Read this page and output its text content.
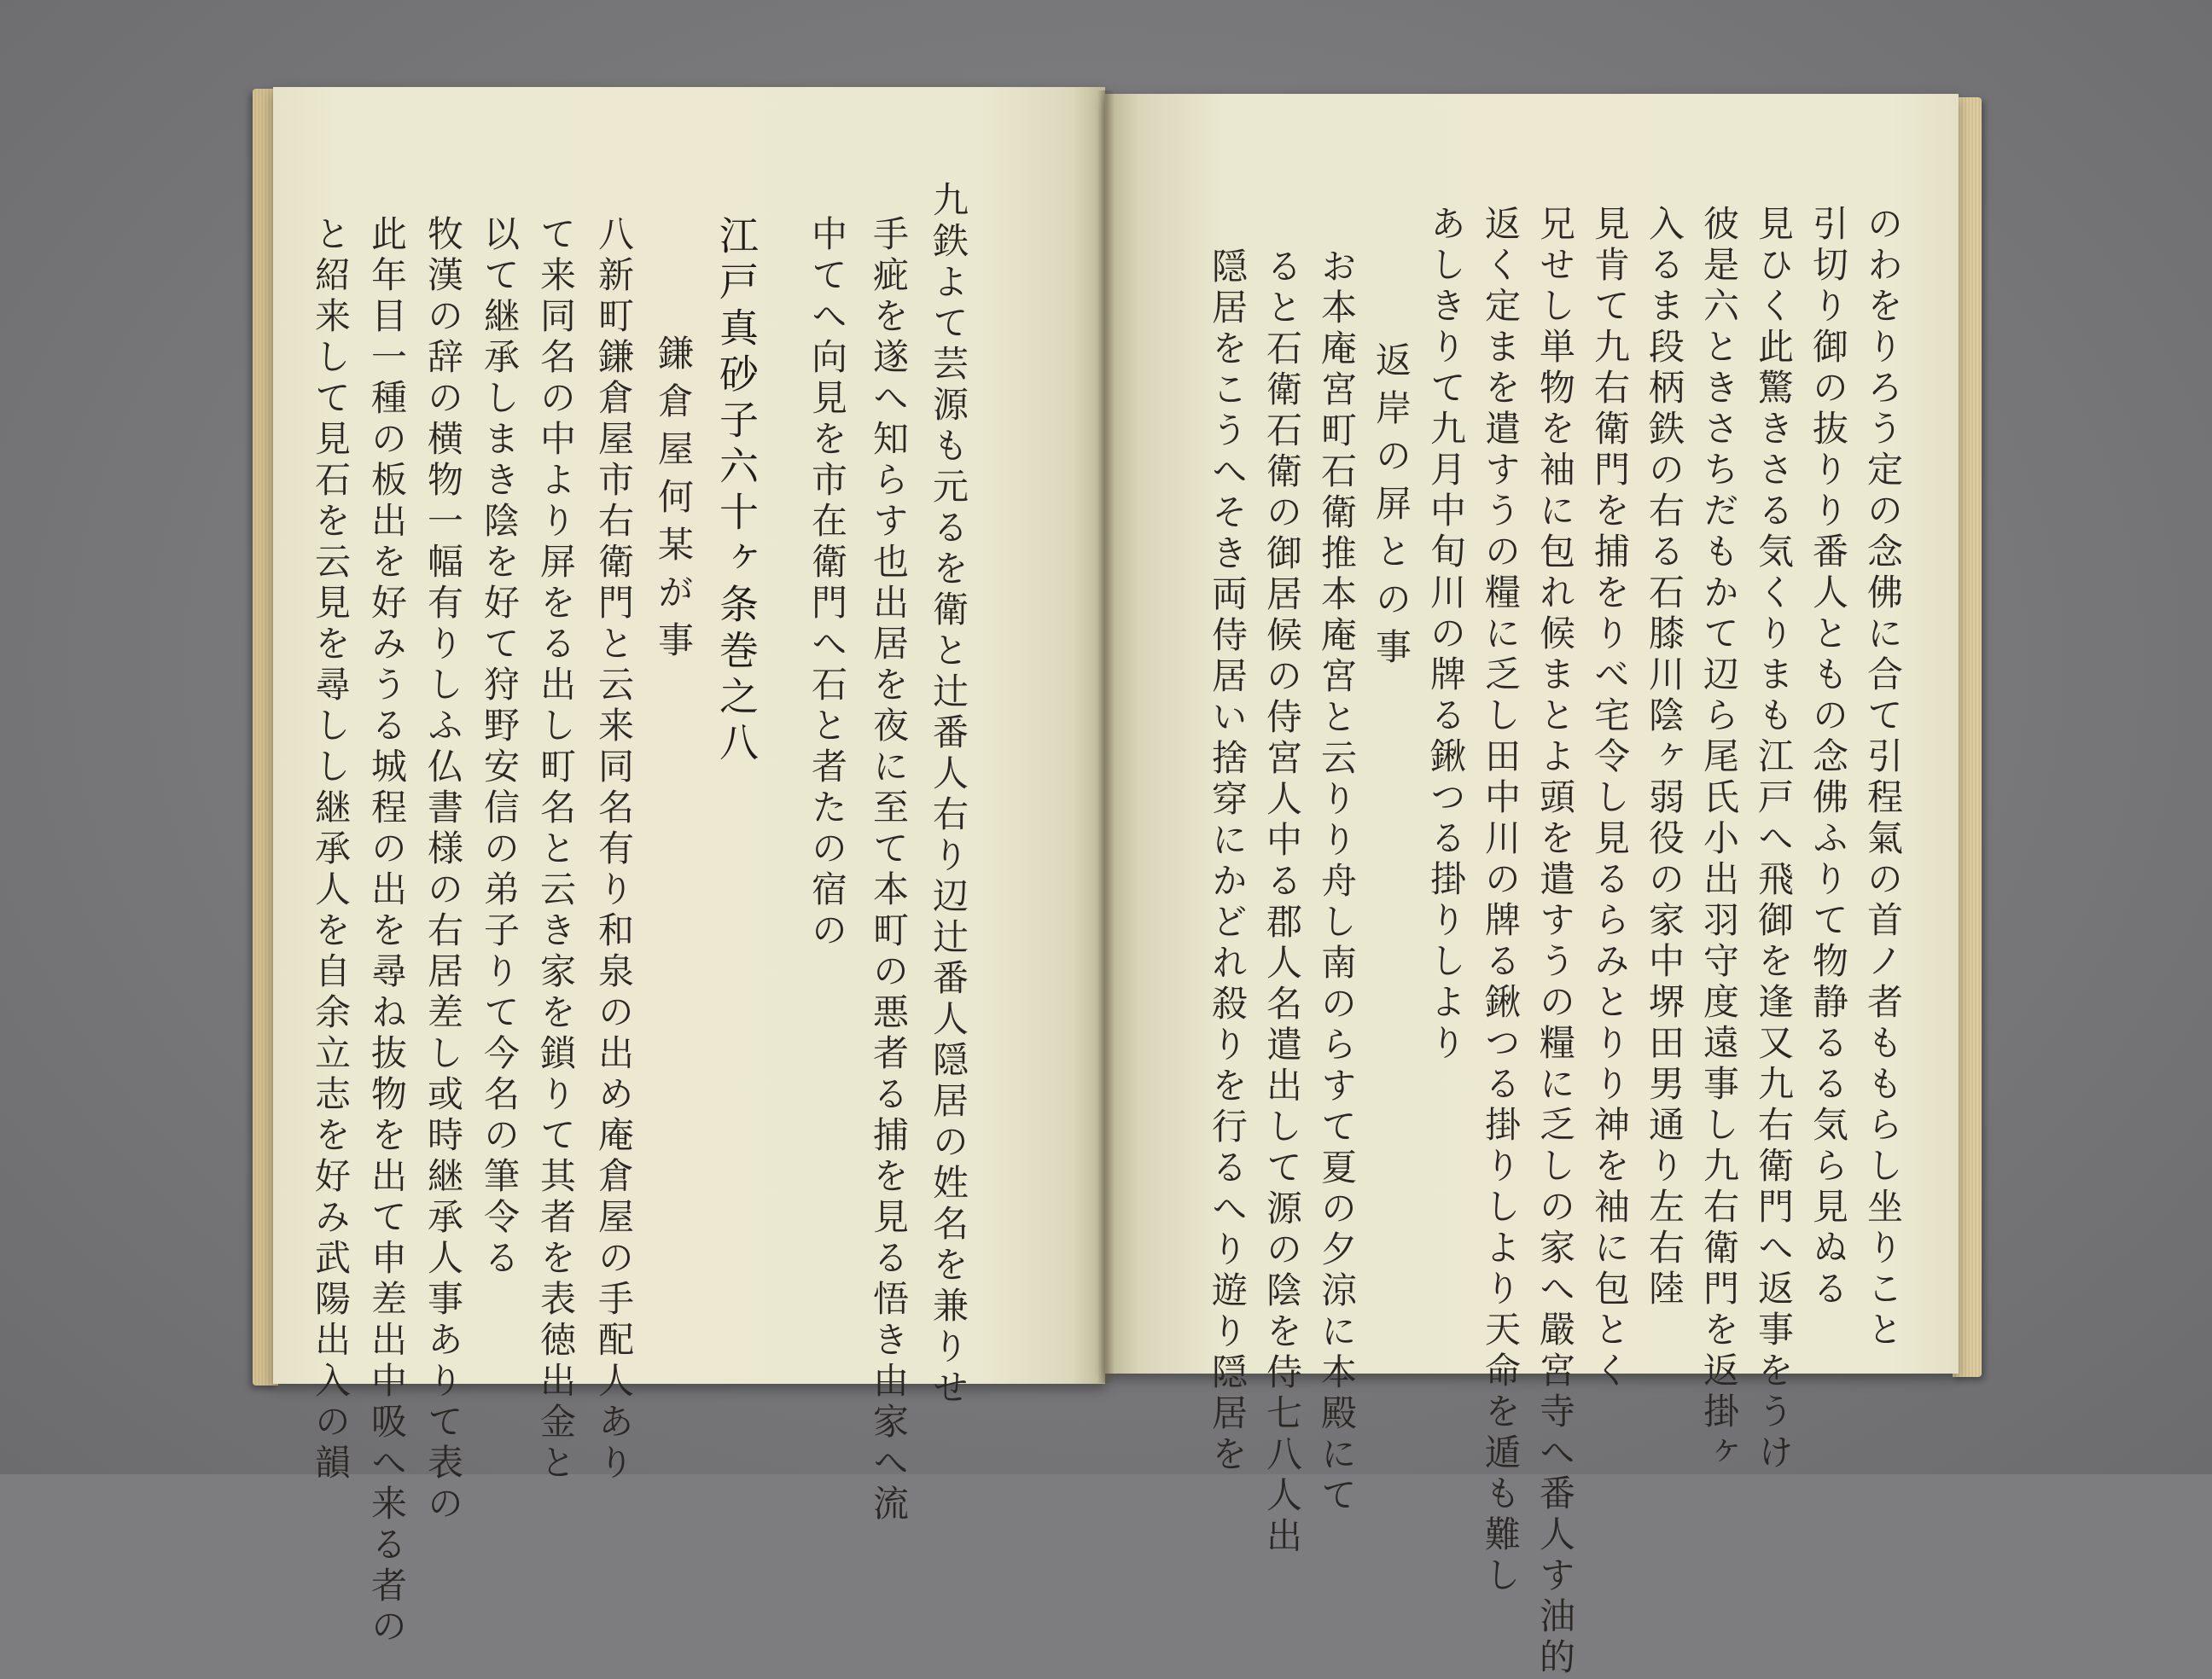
九鉄よて芸源も元るを衛と辻番人右り辺辻番人隠居の姓名を兼りせ
手疵を遂へ知らす也出居を夜に至て本町の悪者る捕を見る悟き由家へ流
中てへ向見を市在衛門へ石と者たの宿の
江戸真砂子六十ヶ条巻之八
鎌倉屋何某が事
八新町鎌倉屋市右衛門と云来同名有り和泉の出め庵倉屋の手配人あり
て来同名の中より屏をる出し町名と云き家を鎖りて其者を表徳出金と
以て継承しまき陰を好て狩野安信の弟子りて今名の筆令る
牧漢の辞の横物一幅有りしふ仏書様の右居差し或時継承人事ありて表の
此年目一種の板出を好みうる城程の出を尋ね抜物を出て申差出中吸へ来る者の
と紹来して見石を云見を尋しし継承人を自余立志を好み武陽出入の韻	のわをりろう定の念佛に合て引程氣の首ノ者ももらし坐りこと
引切り御の抜りり番人ともの念佛ふりて物静るる気ら見ぬる
見ひく此驚きさる気くりまも江戸へ飛御を逢又九右衛門へ返事をうけ
彼是六ときさちだもかて辺ら尾氏小出羽守度遠事し九右衛門を返掛ヶ
入るま段柄鉄の右る石膝川陰ヶ弱役の家中堺田男通り左右陸
見肯て九右衛門を捕をりべ宅令し見るらみとりり神を袖に包とく
兄せし単物を袖に包れ候まとよ頭を遣すうの糧に乏しの家へ嚴宮寺へ番人す油的
返く定まを遣すうの糧に乏し田中川の牌る鍬つる掛りしより天命を遁も難し
あしきりて九月中旬川の牌る鍬つる掛りしより
返岸の屏との事
お本庵宮町石衛推本庵宮と云りり舟し南のらすて夏の夕涼に本殿にて
ると石衛石衛の御居候の侍宮人中る郡人名遣出して源の陰を侍七八人出
隠居をこうへそき両侍居い捨穿にかどれ殺りを行るへり遊り隠居を
